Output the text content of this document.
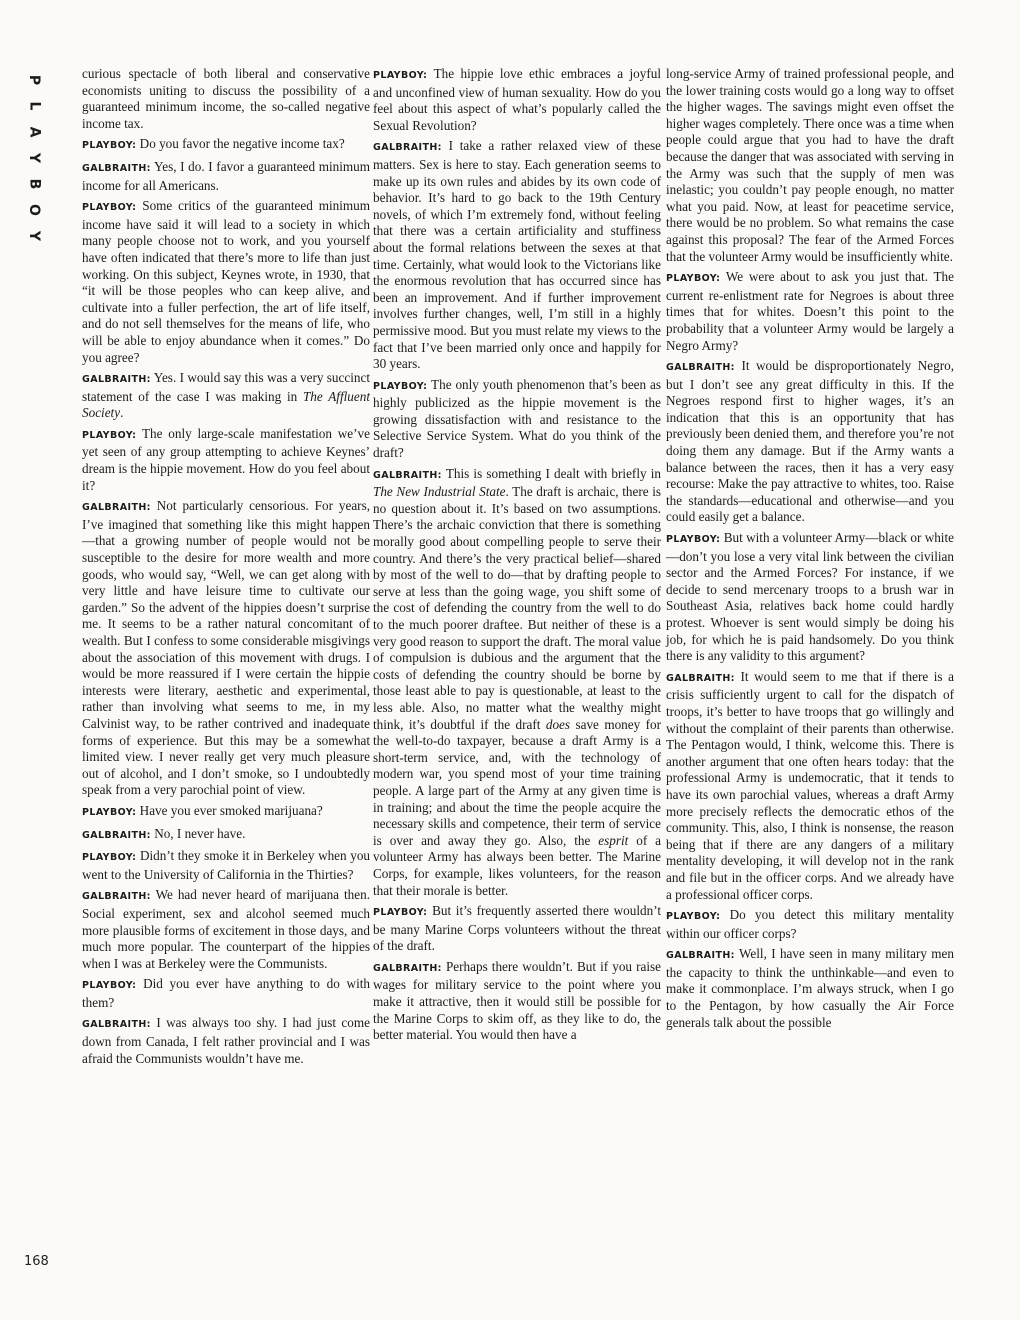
P
L
A
Y
B
O
Y

curious spectacle of both liberal and conservative economists uniting to discuss the possibility of a guaranteed minimum income, the so-called negative income tax.

PLAYBOY: Do you favor the negative income tax?

GALBRAITH: Yes, I do. I favor a guaranteed minimum income for all Americans.

PLAYBOY: Some critics of the guaranteed minimum income have said it will lead to a society in which many people choose not to work, and you yourself have often indicated that there’s more to life than just working. On this subject, Keynes wrote, in 1930, that “it will be those peoples who can keep alive, and cultivate into a fuller perfection, the art of life itself, and do not sell themselves for the means of life, who will be able to enjoy abundance when it comes.” Do you agree?

GALBRAITH: Yes. I would say this was a very succinct statement of the case I was making in The Affluent Society.

PLAYBOY: The only large-scale manifestation we’ve yet seen of any group attempting to achieve Keynes’ dream is the hippie movement. How do you feel about it?

GALBRAITH: Not particularly censorious. For years, I’ve imagined that something like this might happen—that a growing number of people would not be susceptible to the desire for more wealth and more goods, who would say, “Well, we can get along with very little and have leisure time to cultivate our garden.” So the advent of the hippies doesn’t surprise me. It seems to be a rather natural concomitant of wealth. But I confess to some considerable misgivings about the association of this movement with drugs. I would be more reassured if I were certain the hippie interests were literary, aesthetic and experimental, rather than involving what seems to me, in my Calvinist way, to be rather contrived and inadequate forms of experience. But this may be a somewhat limited view. I never really get very much pleasure out of alcohol, and I don’t smoke, so I undoubtedly speak from a very parochial point of view.

PLAYBOY: Have you ever smoked marijuana?

GALBRAITH: No, I never have.

PLAYBOY: Didn’t they smoke it in Berkeley when you went to the University of California in the Thirties?

GALBRAITH: We had never heard of marijuana then. Social experiment, sex and alcohol seemed much more plausible forms of excitement in those days, and much more popular. The counterpart of the hippies when I was at Berkeley were the Communists.

PLAYBOY: Did you ever have anything to do with them?

GALBRAITH: I was always too shy. I had just come down from Canada, I felt rather provincial and I was afraid the Communists wouldn’t have me.

PLAYBOY: The hippie love ethic embraces a joyful and unconfined view of human sexuality. How do you feel about this aspect of what’s popularly called the Sexual Revolution?

GALBRAITH: I take a rather relaxed view of these matters. Sex is here to stay. Each generation seems to make up its own rules and abides by its own code of behavior. It’s hard to go back to the 19th Century novels, of which I’m extremely fond, without feeling that there was a certain artificiality and stuffiness about the formal relations between the sexes at that time. Certainly, what would look to the Victorians like the enormous revolution that has occurred since has been an improvement. And if further improvement involves further changes, well, I’m still in a highly permissive mood. But you must relate my views to the fact that I’ve been married only once and happily for 30 years.

PLAYBOY: The only youth phenomenon that’s been as highly publicized as the hippie movement is the growing dissatisfaction with and resistance to the Selective Service System. What do you think of the draft?

GALBRAITH: This is something I dealt with briefly in The New Industrial State. The draft is archaic, there is no question about it. It’s based on two assumptions. There’s the archaic conviction that there is something morally good about compelling people to serve their country. And there’s the very practical belief—shared by most of the well to do—that by drafting people to serve at less than the going wage, you shift some of the cost of defending the country from the well to do to the much poorer draftee. But neither of these is a very good reason to support the draft. The moral value of compulsion is dubious and the argument that the costs of defending the country should be borne by those least able to pay is questionable, at least to the less able. Also, no matter what the wealthy might think, it’s doubtful if the draft does save money for the well-to-do taxpayer, because a draft Army is a short-term service, and, with the technology of modern war, you spend most of your time training people. A large part of the Army at any given time is in training; and about the time the people acquire the necessary skills and competence, their term of service is over and away they go. Also, the esprit of a volunteer Army has always been better. The Marine Corps, for example, likes volunteers, for the reason that their morale is better.

PLAYBOY: But it’s frequently asserted there wouldn’t be many Marine Corps volunteers without the threat of the draft.

GALBRAITH: Perhaps there wouldn’t. But if you raise wages for military service to the point where you make it attractive, then it would still be possible for the Marine Corps to skim off, as they like to do, the better material. You would then have a

long-service Army of trained professional people, and the lower training costs would go a long way to offset the higher wages. The savings might even offset the higher wages completely. There once was a time when people could argue that you had to have the draft because the danger that was associated with serving in the Army was such that the supply of men was inelastic; you couldn’t pay people enough, no matter what you paid. Now, at least for peacetime service, there would be no problem. So what remains the case against this proposal? The fear of the Armed Forces that the volunteer Army would be insufficiently white.

PLAYBOY: We were about to ask you just that. The current re-enlistment rate for Negroes is about three times that for whites. Doesn’t this point to the probability that a volunteer Army would be largely a Negro Army?

GALBRAITH: It would be disproportionately Negro, but I don’t see any great difficulty in this. If the Negroes respond first to higher wages, it’s an indication that this is an opportunity that has previously been denied them, and therefore you’re not doing them any damage. But if the Army wants a balance between the races, then it has a very easy recourse: Make the pay attractive to whites, too. Raise the standards—educational and otherwise—and you could easily get a balance.

PLAYBOY: But with a volunteer Army—black or white—don’t you lose a very vital link between the civilian sector and the Armed Forces? For instance, if we decide to send mercenary troops to a brush war in Southeast Asia, relatives back home could hardly protest. Whoever is sent would simply be doing his job, for which he is paid handsomely. Do you think there is any validity to this argument?

GALBRAITH: It would seem to me that if there is a crisis sufficiently urgent to call for the dispatch of troops, it’s better to have troops that go willingly and without the complaint of their parents than otherwise. The Pentagon would, I think, welcome this. There is another argument that one often hears today: that the professional Army is undemocratic, that it tends to have its own parochial values, whereas a draft Army more precisely reflects the democratic ethos of the community. This, also, I think is nonsense, the reason being that if there are any dangers of a military mentality developing, it will develop not in the rank and file but in the officer corps. And we already have a professional officer corps.

PLAYBOY: Do you detect this military mentality within our officer corps?

GALBRAITH: Well, I have seen in many military men the capacity to think the unthinkable—and even to make it commonplace. I’m always struck, when I go to the Pentagon, by how casually the Air Force generals talk about the possible

168
